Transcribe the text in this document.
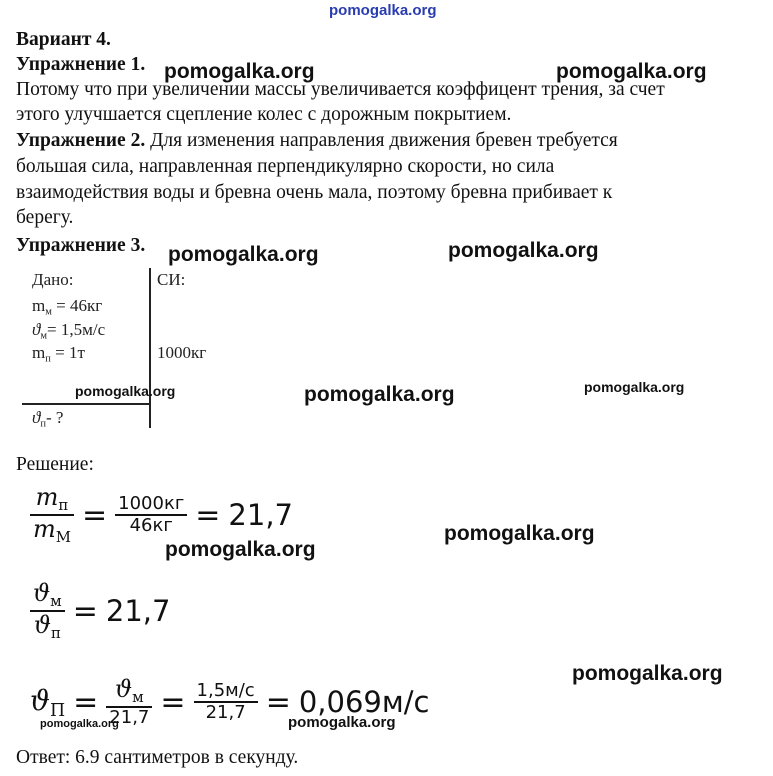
pomogalka.org
Вариант 4.
Упражнение 1.
Потому что при увеличении массы увеличивается коэффицент трения, за счет
этого улучшается сцепление колес с дорожным покрытием.
Упражнение 2. Для изменения направления движения бревен требуется
большая сила, направленная перпендикулярно скорости, но сила
взаимодействия воды и бревна очень мала, поэтому бревна прибивает к
берегу.
Упражнение 3.
Дано:	СИ:
$m_м = 46кг$
$ϑ_м= 1,5м/с$
$m_п = 1т$	1000кг
$ϑ_п-$ ?
Решение:
$\frac{m_п}{m_М} = \frac{1000кг}{46кг} = 21,7$
$\frac{ϑ_м}{ϑ_п} = 21,7$
$ϑ_П = \frac{ϑ_м}{21,7} = \frac{1,5м/с}{21,7} = 0,069м/с$
Ответ: 6.9 сантиметров в секунду.
pomogalka.org	pomogalka.org
pomogalka.org	pomogalka.org
pomogalka.org	pomogalka.org	pomogalka.org
pomogalka.org
pomogalka.org
pomogalka.org
pomogalka.org	pomogalka.org
